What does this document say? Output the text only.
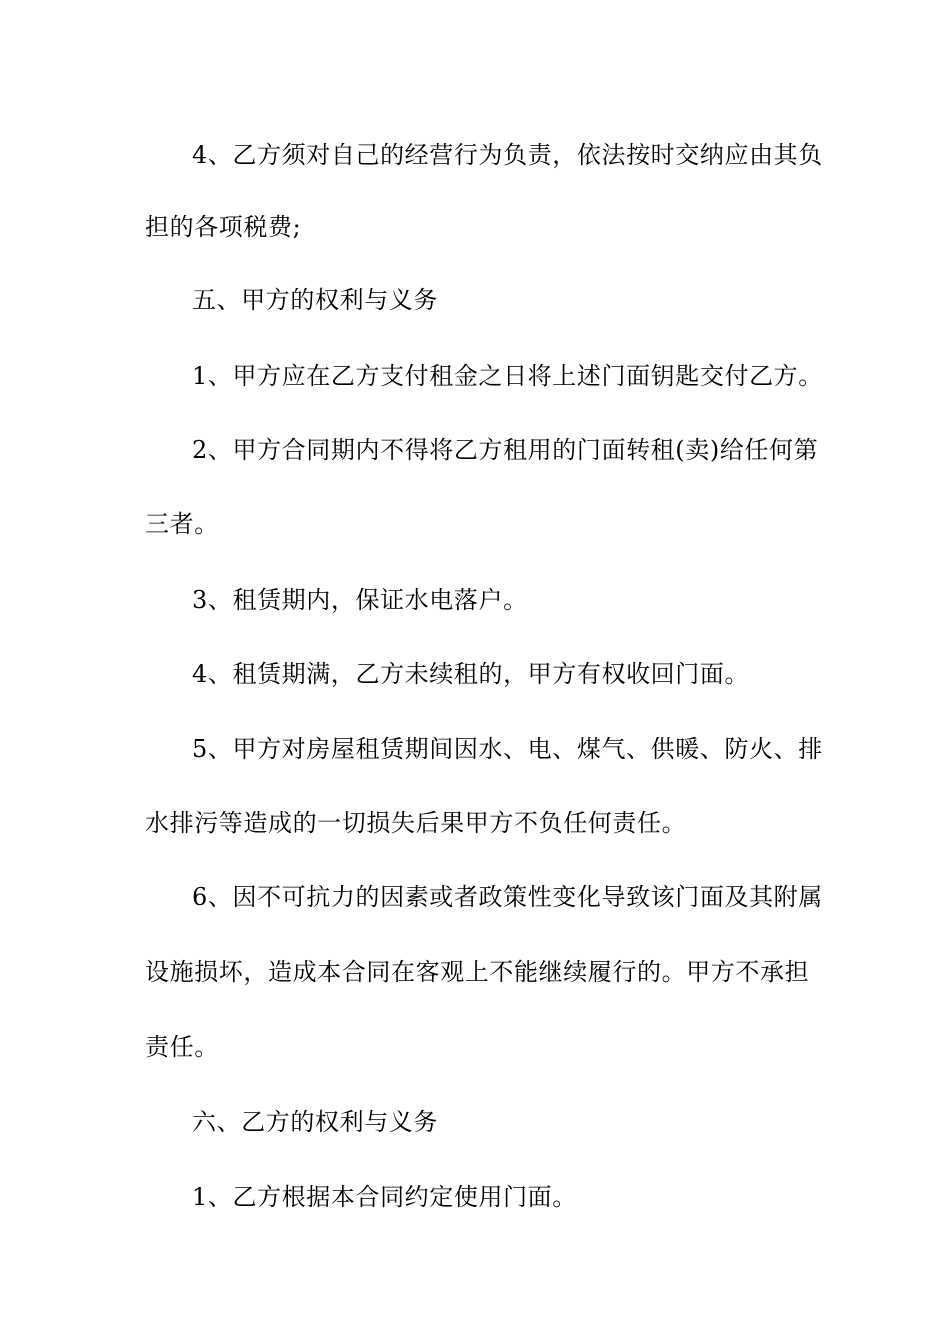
4、乙方须对自己的经营行为负责，依法按时交纳应由其负
担的各项税费;
五、甲方的权利与义务
1、甲方应在乙方支付租金之日将上述门面钥匙交付乙方。
2、甲方合同期内不得将乙方租用的门面转租(卖)给任何第
三者。
3、租赁期内，保证水电落户。
4、租赁期满，乙方未续租的，甲方有权收回门面。
5、甲方对房屋租赁期间因水、电、煤气、供暖、防火、排
水排污等造成的一切损失后果甲方不负任何责任。
6、因不可抗力的因素或者政策性变化导致该门面及其附属
设施损坏，造成本合同在客观上不能继续履行的。甲方不承担
责任。
六、乙方的权利与义务
1、乙方根据本合同约定使用门面。
